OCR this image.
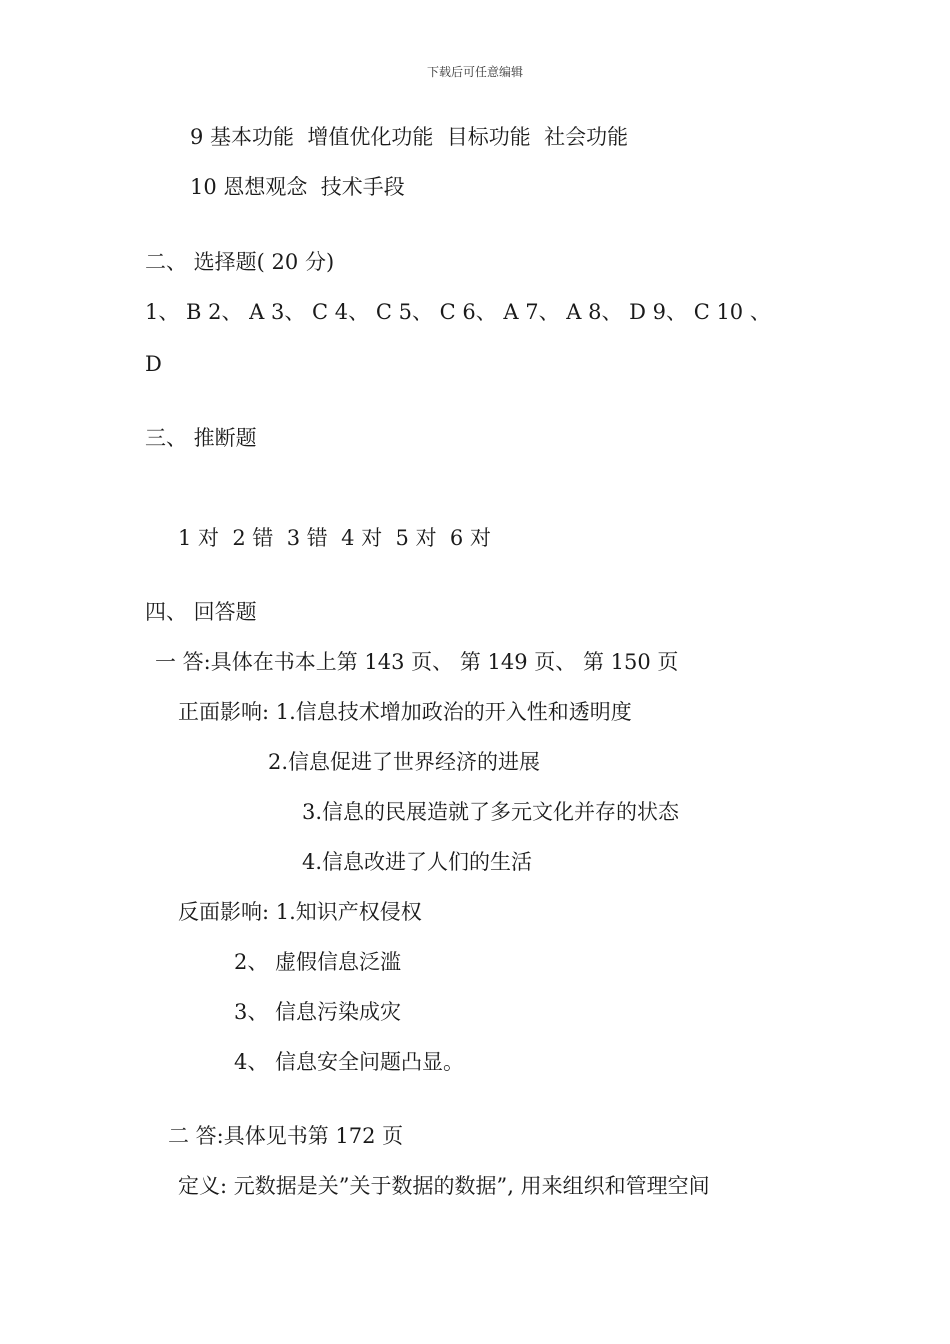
下载后可任意编辑
9 基本功能  增值优化功能  目标功能  社会功能
10 恩想观念  技术手段
二、 选择题( 20 分)
1、 B 2、 A 3、 C 4、 C 5、 C 6、 A 7、 A 8、 D 9、 C 10 、
D
三、 推断题
1 对  2 错  3 错  4 对  5 对  6 对
四、 回答题
一 答:具体在书本上第 143 页、 第 149 页、 第 150 页
正面影响: 1.信息技术增加政治的开入性和透明度
2.信息促进了世界经济的进展
3.信息的民展造就了多元文化并存的状态
4.信息改进了人们的生活
反面影响: 1.知识产权侵权
2、 虚假信息泛滥
3、 信息污染成灾
4、 信息安全问题凸显。
二 答:具体见书第 172 页
定义: 元数据是关”关于数据的数据”, 用来组织和管理空间
